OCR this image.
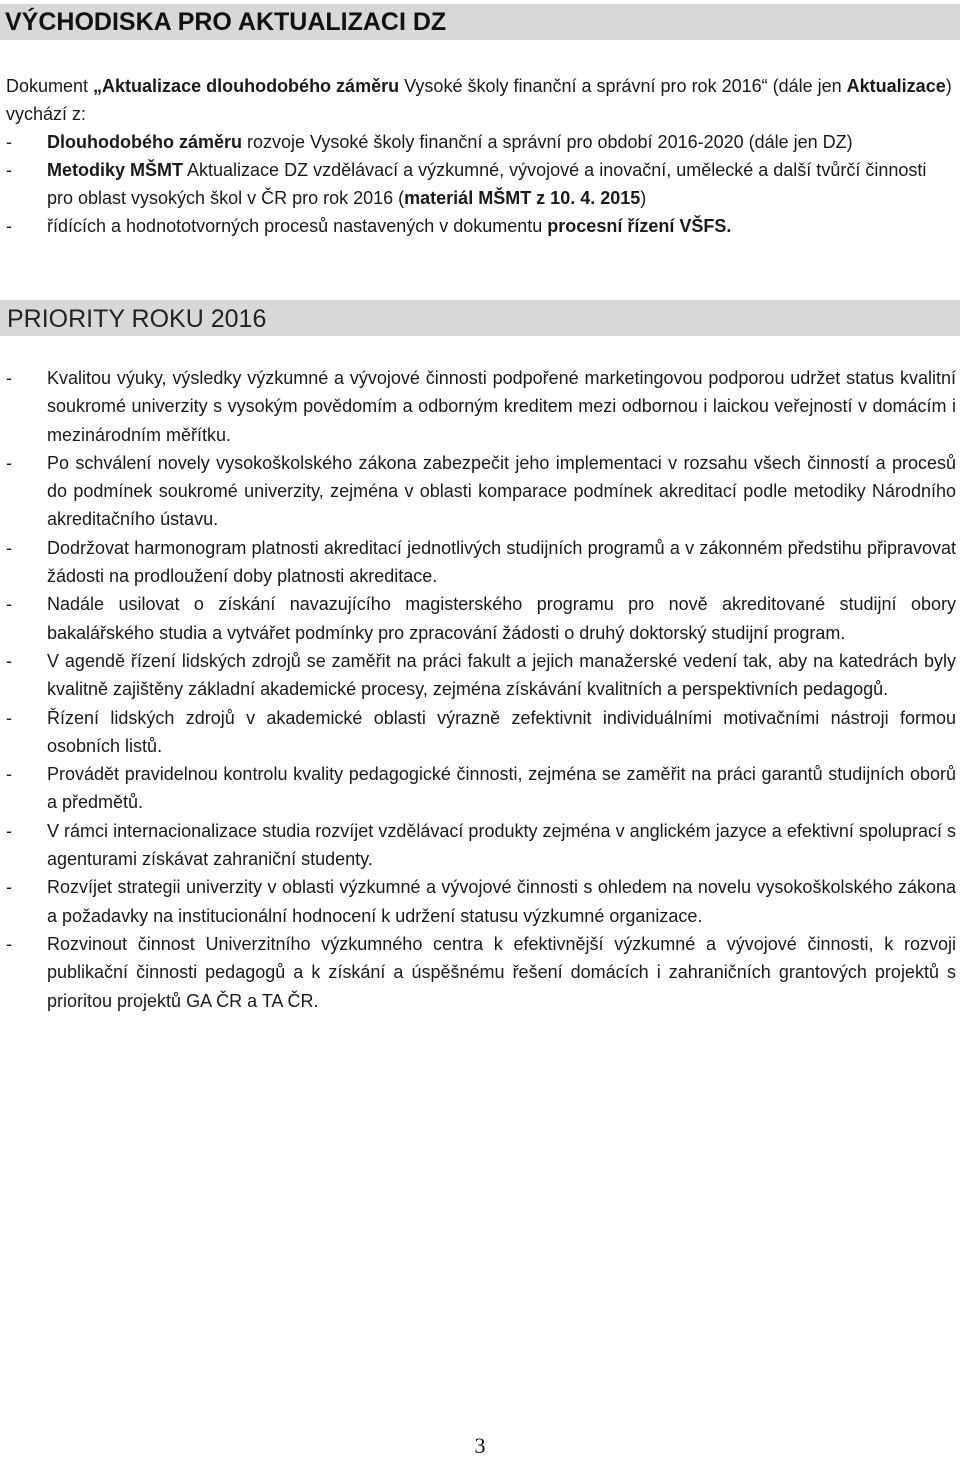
VÝCHODISKA PRO AKTUALIZACI DZ

Dokument „Aktualizace dlouhodobého záměru Vysoké školy finanční a správní pro rok 2016“ (dále jen Aktualizace) vychází z:

-	Dlouhodobého záměru rozvoje Vysoké školy finanční a správní pro období 2016-2020 (dále jen DZ)
-	Metodiky MŠMT Aktualizace DZ vzdělávací a výzkumné, vývojové a inovační, umělecké a další tvůrčí činnosti pro oblast vysokých škol v ČR pro rok 2016 (materiál MŠMT z 10. 4. 2015)
-	řídících a hodnototvorných procesů nastavených v dokumentu procesní řízení VŠFS.
PRIORITY ROKU 2016
-	Kvalitou výuky, výsledky výzkumné a vývojové činnosti podpořené marketingovou podporou udržet status kvalitní soukromé univerzity s vysokým povědomím a odborným kreditem mezi odbornou i laickou veřejností v domácím i mezinárodním měřítku.
-	Po schválení novely vysokoškolského zákona zabezpečit jeho implementaci v rozsahu všech činností a procesů do podmínek soukromé univerzity, zejména v oblasti komparace podmínek akreditací podle metodiky Národního akreditačního ústavu.
-	Dodržovat harmonogram platnosti akreditací jednotlivých studijních programů a v zákonném předstihu připravovat žádosti na prodloužení doby platnosti akreditace.
-	Nadále usilovat o získání navazujícího magisterského programu pro nově akreditované studijní obory bakalářského studia a vytvářet podmínky pro zpracování žádosti o druhý doktorský studijní program.
-	V agendě řízení lidských zdrojů se zaměřit na práci fakult a jejich manažerské vedení tak, aby na katedrách byly kvalitně zajištěny základní akademické procesy, zejména získávání kvalitních a perspektivních pedagogů.
-	Řízení lidských zdrojů v akademické oblasti výrazně zefektivnit individuálními motivačními nástroji formou osobních listů.
-	Provádět pravidelnou kontrolu kvality pedagogické činnosti, zejména se zaměřit na práci garantů studijních oborů a předmětů.
-	V rámci internacionalizace studia rozvíjet vzdělávací produkty zejména v anglickém jazyce a efektivní spoluprací s agenturami získávat zahraniční studenty.
-	Rozvíjet strategii univerzity v oblasti výzkumné a vývojové činnosti s ohledem na novelu vysokoškolského zákona a požadavky na institucionální hodnocení k udržení statusu výzkumné organizace.
-	Rozvinout činnost Univerzitního výzkumného centra k efektivnější výzkumné a vývojové činnosti, k rozvoji publikační činnosti pedagogů a k získání a úspěšnému řešení domácích i zahraničních grantových projektů s prioritou projektů GA ČR a TA ČR.
3
